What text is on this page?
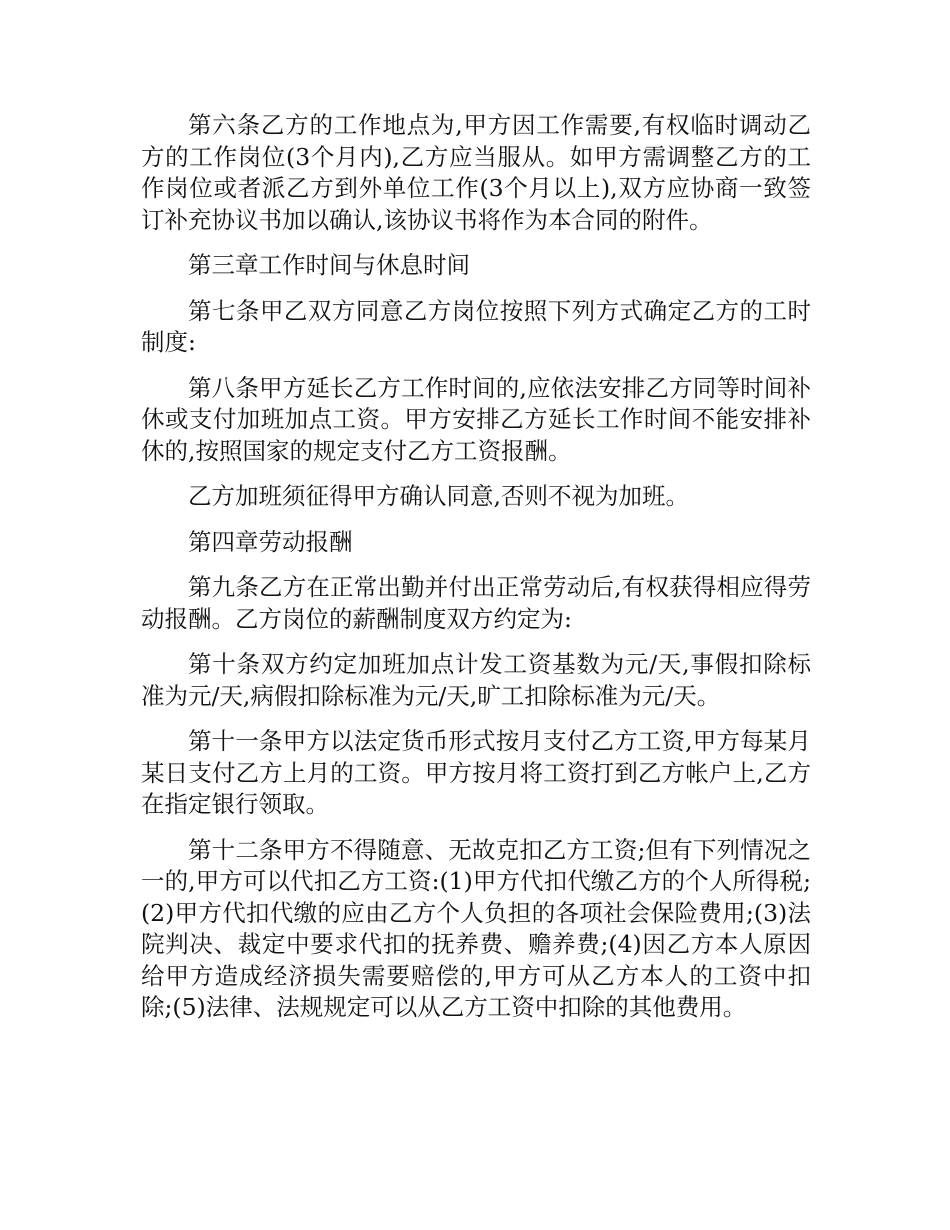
第六条乙方的工作地点为,甲方因工作需要,有权临时调动乙方的工作岗位(3个月内),乙方应当服从。如甲方需调整乙方的工作岗位或者派乙方到外单位工作(3个月以上),双方应协商一致签订补充协议书加以确认,该协议书将作为本合同的附件。

第三章工作时间与休息时间

第七条甲乙双方同意乙方岗位按照下列方式确定乙方的工时制度:

第八条甲方延长乙方工作时间的,应依法安排乙方同等时间补休或支付加班加点工资。甲方安排乙方延长工作时间不能安排补休的,按照国家的规定支付乙方工资报酬。

乙方加班须征得甲方确认同意,否则不视为加班。

第四章劳动报酬

第九条乙方在正常出勤并付出正常劳动后,有权获得相应得劳动报酬。乙方岗位的薪酬制度双方约定为:

第十条双方约定加班加点计发工资基数为元/天,事假扣除标准为元/天,病假扣除标准为元/天,旷工扣除标准为元/天。

第十一条甲方以法定货币形式按月支付乙方工资,甲方每某月某日支付乙方上月的工资。甲方按月将工资打到乙方帐户上,乙方在指定银行领取。

第十二条甲方不得随意、无故克扣乙方工资;但有下列情况之一的,甲方可以代扣乙方工资:(1)甲方代扣代缴乙方的个人所得税;(2)甲方代扣代缴的应由乙方个人负担的各项社会保险费用;(3)法院判决、裁定中要求代扣的抚养费、赡养费;(4)因乙方本人原因给甲方造成经济损失需要赔偿的,甲方可从乙方本人的工资中扣除;(5)法律、法规规定可以从乙方工资中扣除的其他费用。
